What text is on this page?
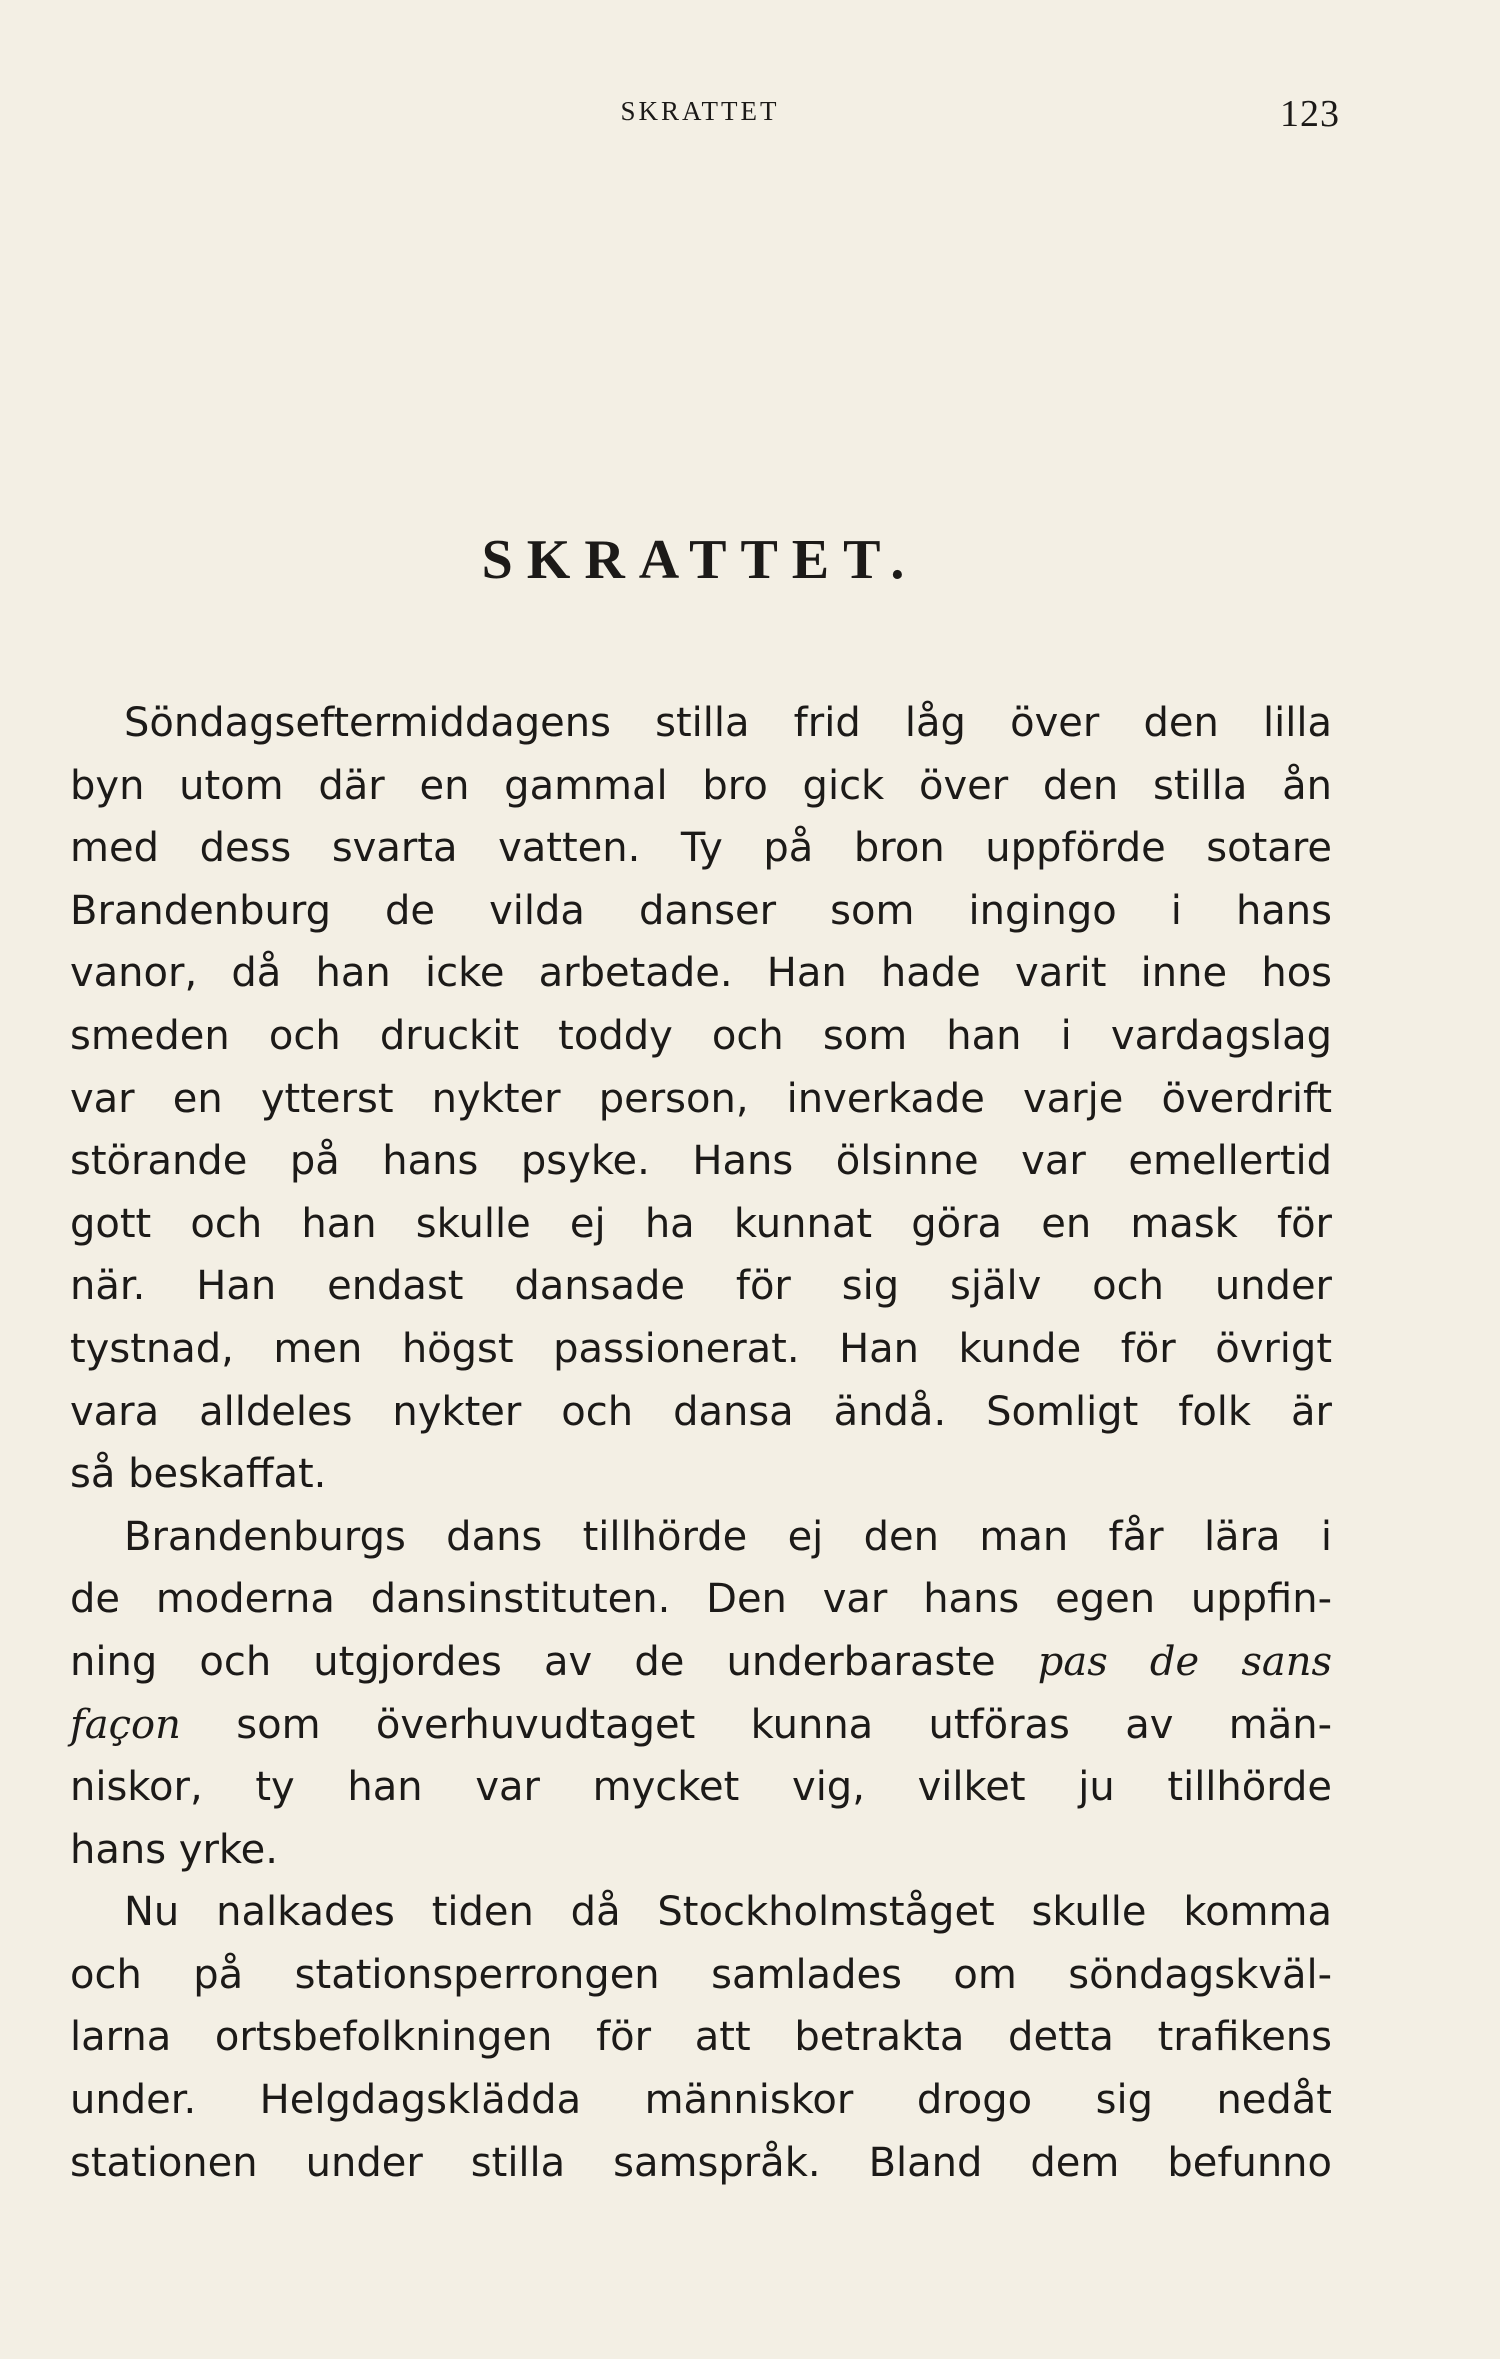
SKRATTET	123
SKRATTET.
Söndagseftermiddagens stilla frid låg över den lilla
byn utom där en gammal bro gick över den stilla ån
med dess svarta vatten. Ty på bron uppförde sotare
Brandenburg de vilda danser som ingingo i hans
vanor, då han icke arbetade. Han hade varit inne hos
smeden och druckit toddy och som han i vardagslag
var en ytterst nykter person, inverkade varje överdrift
störande på hans psyke. Hans ölsinne var emellertid
gott och han skulle ej ha kunnat göra en mask för
när. Han endast dansade för sig själv och under
tystnad, men högst passionerat. Han kunde för övrigt
vara alldeles nykter och dansa ändå. Somligt folk är
så beskaffat.
Brandenburgs dans tillhörde ej den man får lära i
de moderna dansinstituten. Den var hans egen uppfin-
ning och utgjordes av de underbaraste pas de sans
façon som överhuvudtaget kunna utföras av män-
niskor, ty han var mycket vig, vilket ju tillhörde
hans yrke.
Nu nalkades tiden då Stockholmståget skulle komma
och på stationsperrongen samlades om söndagskväl-
larna ortsbefolkningen för att betrakta detta trafikens
under. Helgdagsklädda människor drogo sig nedåt
stationen under stilla samspråk. Bland dem befunno
